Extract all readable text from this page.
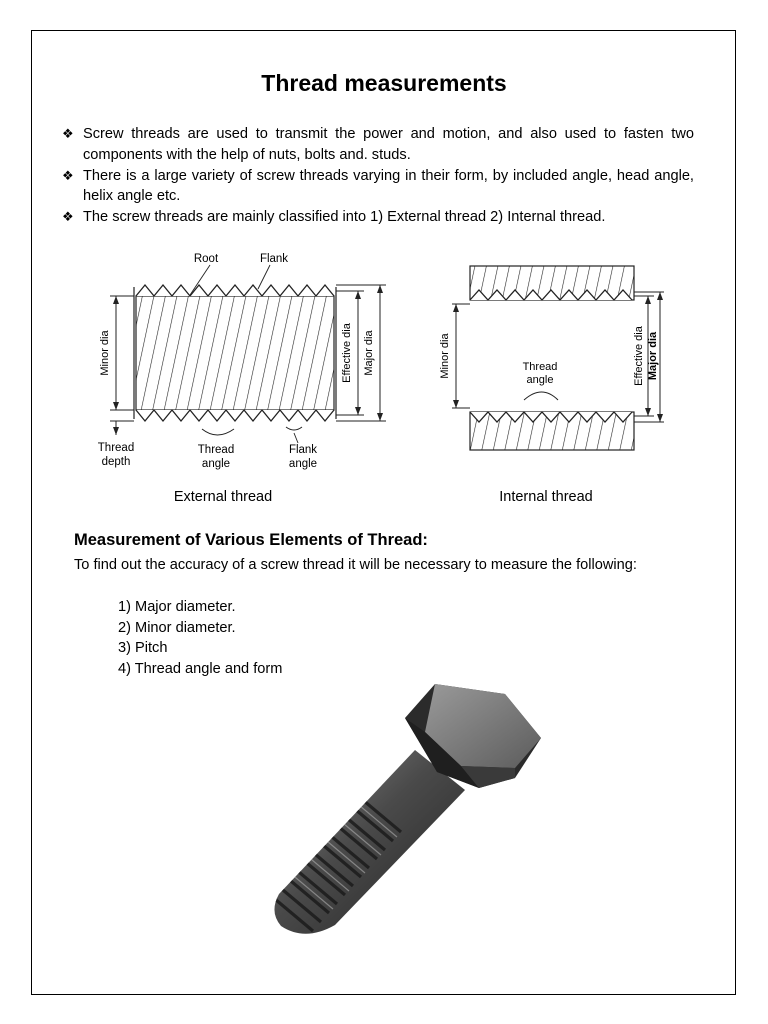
Thread measurements
❖ Screw threads are used to transmit the power and motion, and also used to fasten two components with the help of nuts, bolts and. studs.
❖ There is a large variety of screw threads varying in their form, by included angle, head angle, helix angle etc.
❖ The screw threads are mainly classified into 1) External thread 2) Internal thread.
Root	Flank
Minor dia	Effective dia Major dia
Thread
depth
Thread
angle
Flank
angle
External thread
Minor dia	Thread
angle	Effective dia Major dia
Internal thread
Measurement of Various Elements of Thread:

To find out the accuracy of a screw thread it will be necessary to measure the following:

1) Major diameter.
2) Minor diameter.
3) Pitch
4) Thread angle and form
